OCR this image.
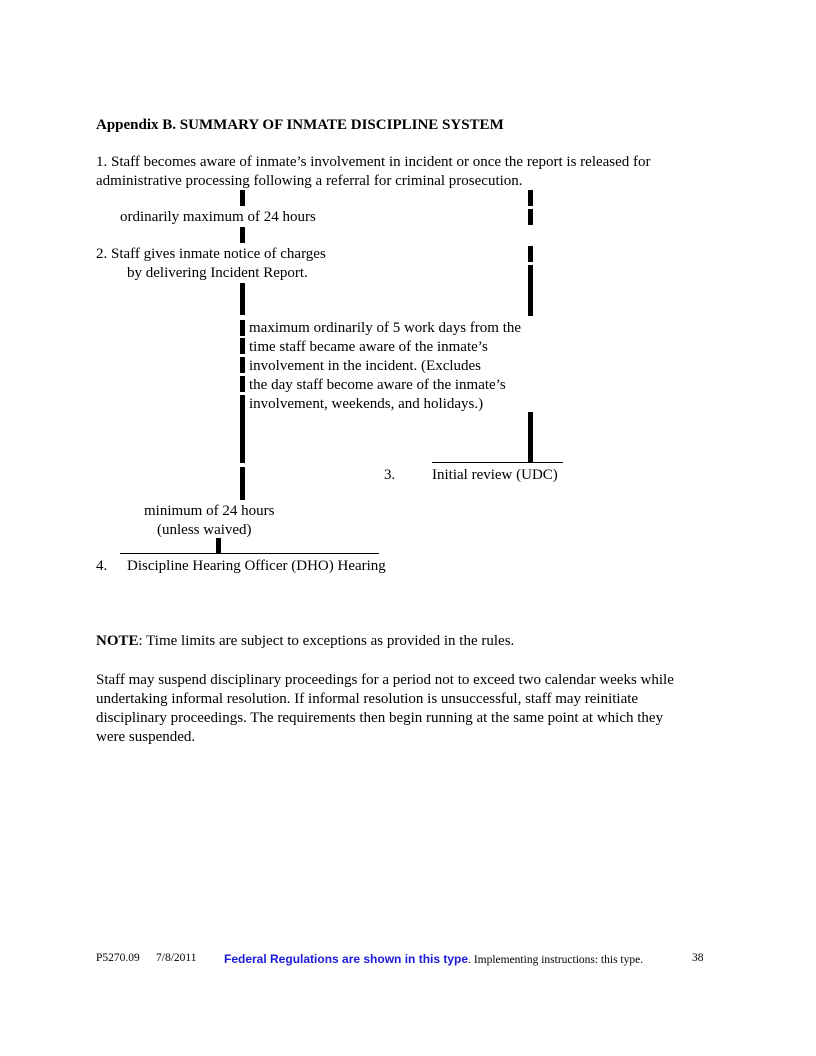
Appendix B. SUMMARY OF INMATE DISCIPLINE SYSTEM
1. Staff becomes aware of inmate’s involvement in incident or once the report is released for
administrative processing following a referral for criminal prosecution.
ordinarily maximum of 24 hours
2. Staff gives inmate notice of charges
by delivering Incident Report.
maximum ordinarily of 5 work days from the
time staff became aware of the inmate’s
involvement in the incident. (Excludes
the day staff become aware of the inmate’s
involvement, weekends, and holidays.)
3. Initial review (UDC)
minimum of 24 hours
(unless waived)
4. Discipline Hearing Officer (DHO) Hearing
NOTE: Time limits are subject to exceptions as provided in the rules.
Staff may suspend disciplinary proceedings for a period not to exceed two calendar weeks while
undertaking informal resolution. If informal resolution is unsuccessful, staff may reinitiate
disciplinary proceedings. The requirements then begin running at the same point at which they
were suspended.
P5270.09 7/8/2011 Federal Regulations are shown in this type. Implementing instructions: this type.	38
